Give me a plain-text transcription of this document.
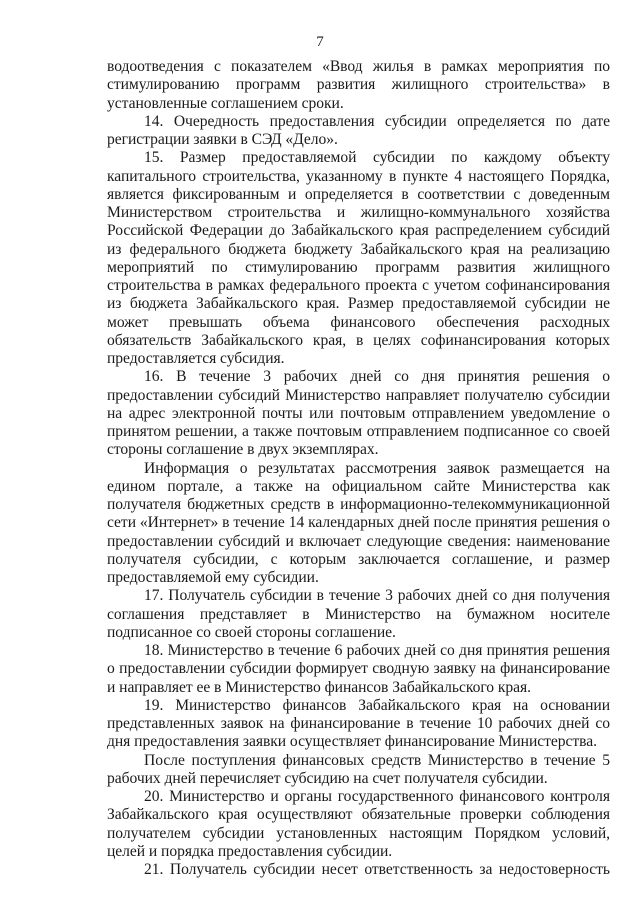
7

водоотведения с показателем «Ввод жилья в рамках мероприятия по стимулированию программ развития жилищного строительства» в установленные соглашением сроки.

14. Очередность предоставления субсидии определяется по дате регистрации заявки в СЭД «Дело».

15. Размер предоставляемой субсидии по каждому объекту капитального строительства, указанному в пункте 4 настоящего Порядка, является фиксированным и определяется в соответствии с доведенным Министерством строительства и жилищно-коммунального хозяйства Российской Федерации до Забайкальского края распределением субсидий из федерального бюджета бюджету Забайкальского края на реализацию мероприятий по стимулированию программ развития жилищного строительства в рамках федерального проекта с учетом софинансирования из бюджета Забайкальского края. Размер предоставляемой субсидии не может превышать объема финансового обеспечения расходных обязательств Забайкальского края, в целях софинансирования которых предоставляется субсидия.

16. В течение 3 рабочих дней со дня принятия решения о предоставлении субсидий Министерство направляет получателю субсидии на адрес электронной почты или почтовым отправлением уведомление о принятом решении, а также почтовым отправлением подписанное со своей стороны соглашение в двух экземплярах.

Информация о результатах рассмотрения заявок размещается на едином портале, а также на официальном сайте Министерства как получателя бюджетных средств в информационно-телекоммуникационной сети «Интернет» в течение 14 календарных дней после принятия решения о предоставлении субсидий и включает следующие сведения: наименование получателя субсидии, с которым заключается соглашение, и размер предоставляемой ему субсидии.

17. Получатель субсидии в течение 3 рабочих дней со дня получения соглашения представляет в Министерство на бумажном носителе подписанное со своей стороны соглашение.

18. Министерство в течение 6 рабочих дней со дня принятия решения о предоставлении субсидии формирует сводную заявку на финансирование и направляет ее в Министерство финансов Забайкальского края.

19. Министерство финансов Забайкальского края на основании представленных заявок на финансирование в течение 10 рабочих дней со дня предоставления заявки осуществляет финансирование Министерства.

После поступления финансовых средств Министерство в течение 5 рабочих дней перечисляет субсидию на счет получателя субсидии.

20. Министерство и органы государственного финансового контроля Забайкальского края осуществляют обязательные проверки соблюдения получателем субсидии установленных настоящим Порядком условий, целей и порядка предоставления субсидии.

21. Получатель субсидии несет ответственность за недостоверность
